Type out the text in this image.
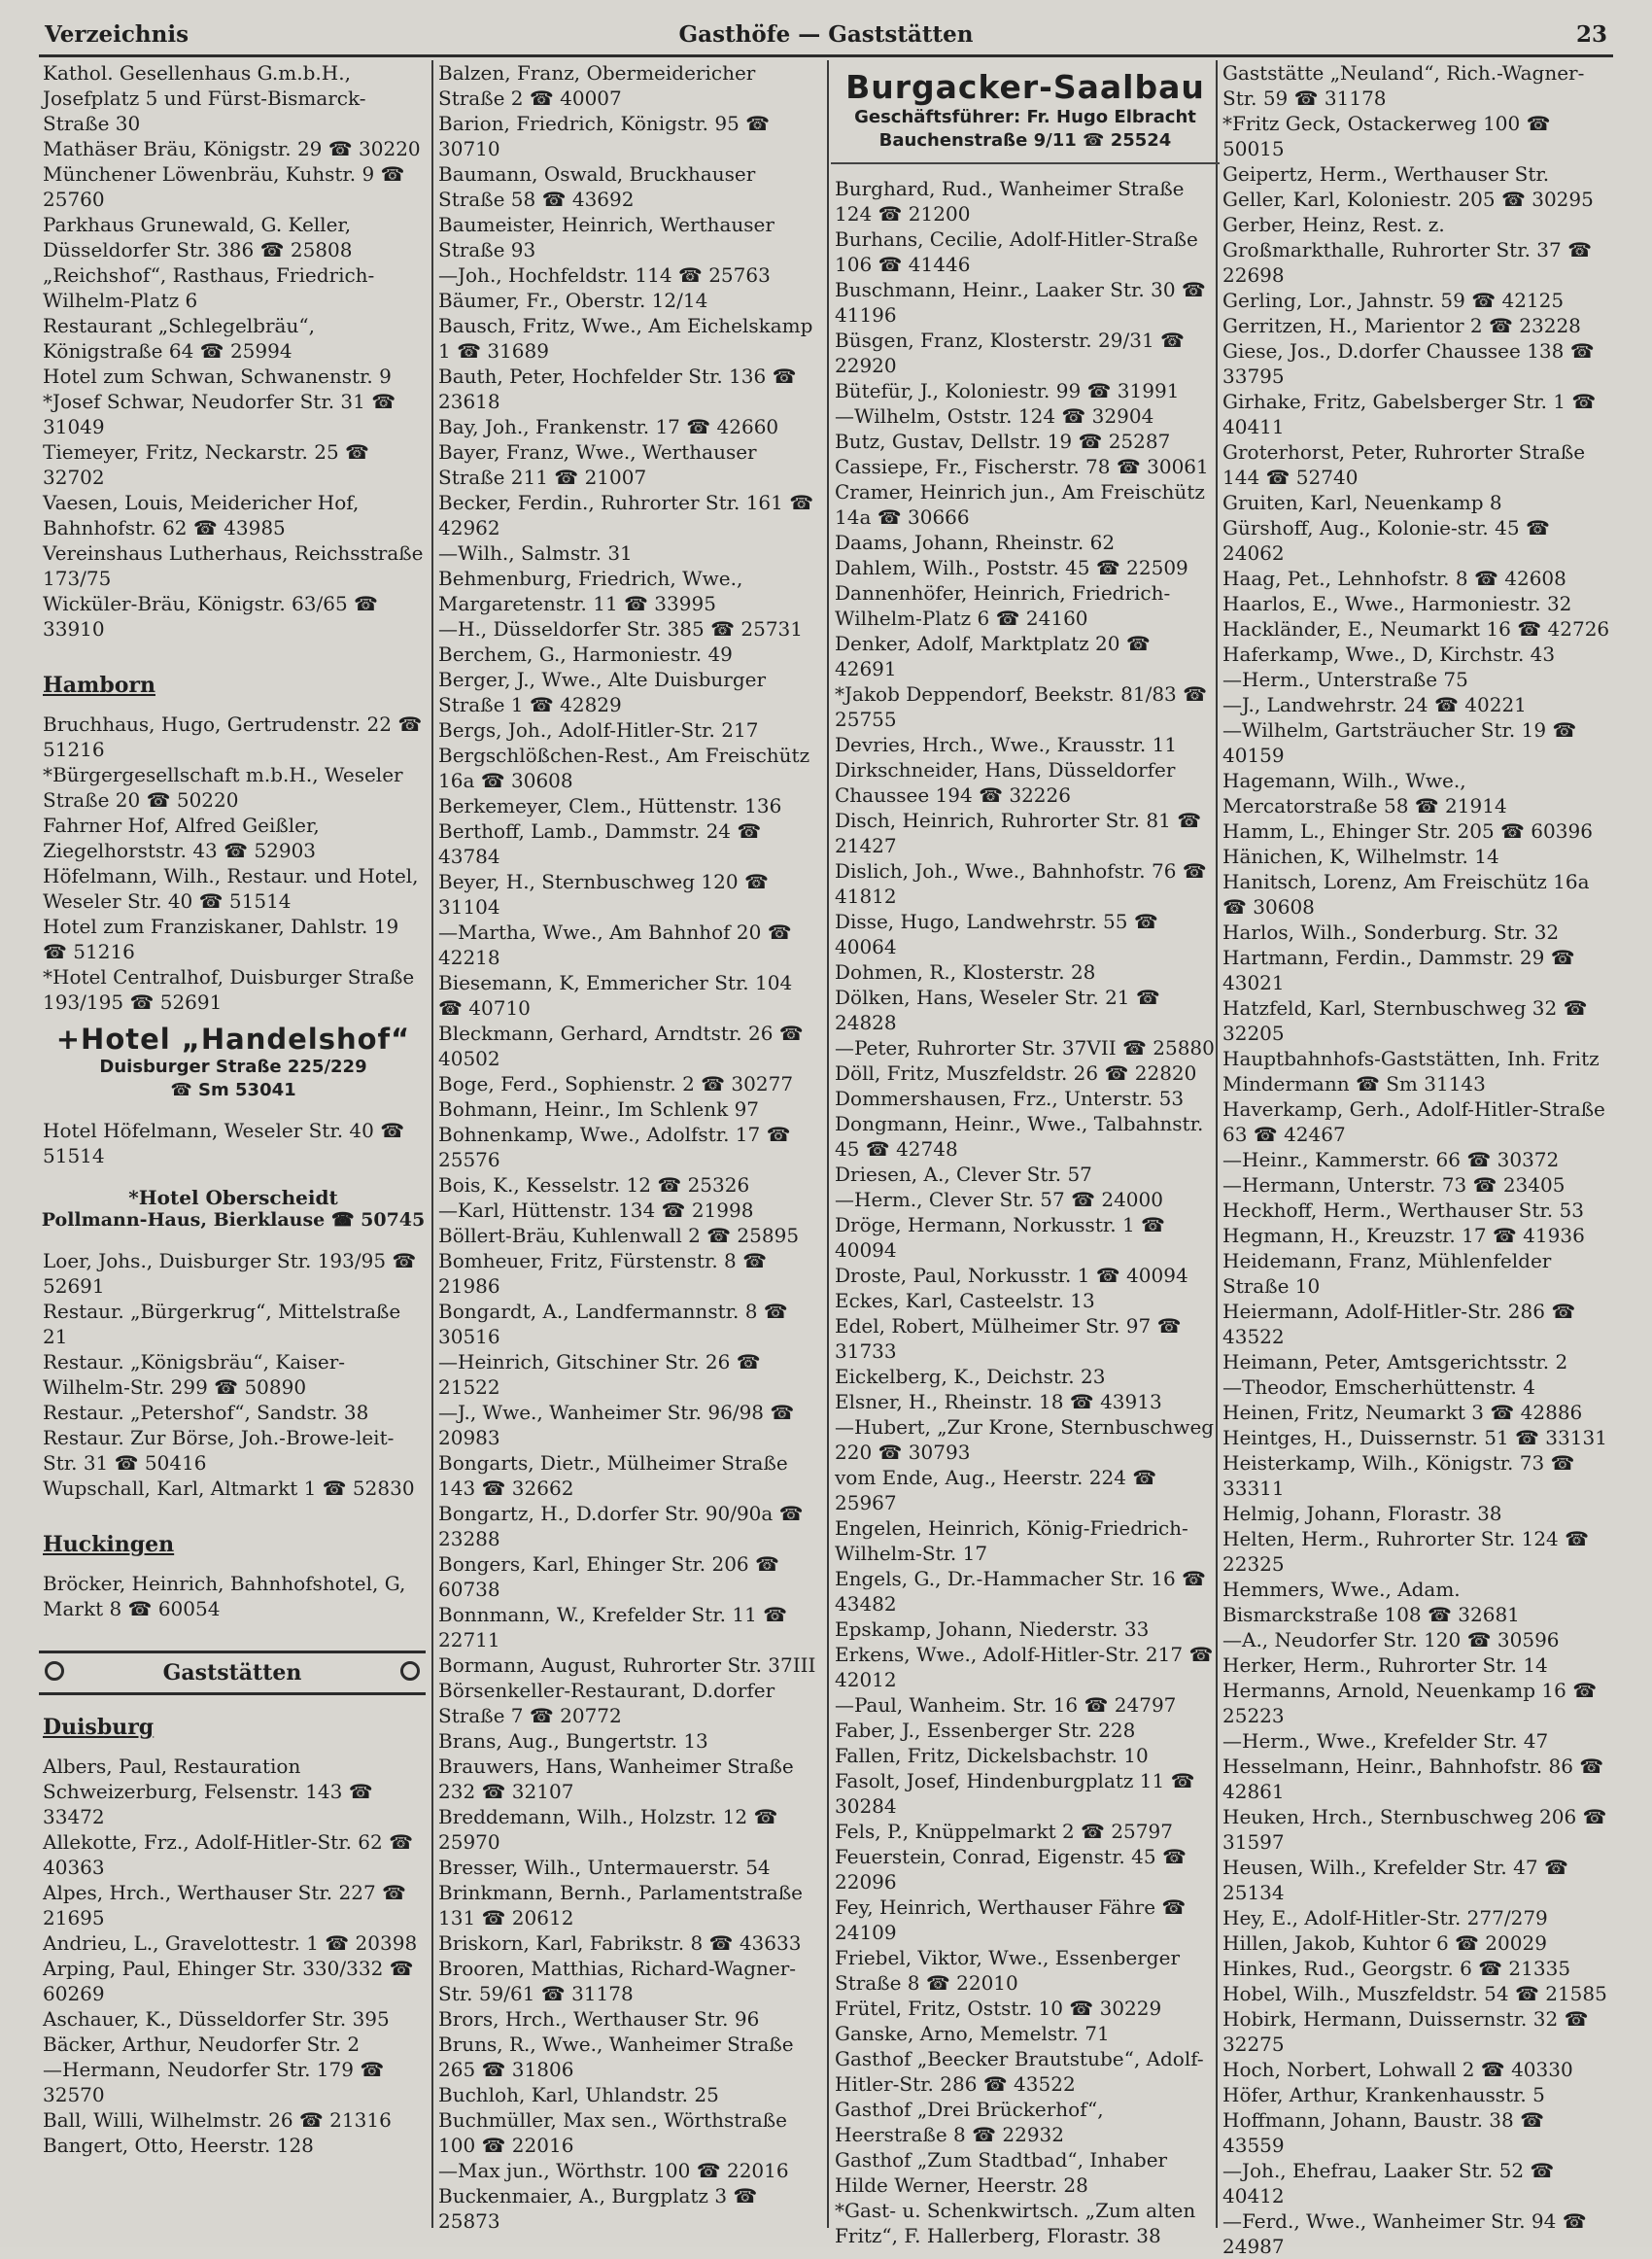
Verzeichnis	Gasthöfe — Gaststätten	23

Kathol. Gesellenhaus G.m.b.H., Josefplatz 5 und Fürst-Bismarck-Straße 30

Mathäser Bräu, Königstr. 29 ☎ 30220

Münchener Löwenbräu, Kuhstr. 9 ☎ 25760

Parkhaus Grunewald, G. Keller, Düsseldorfer Str. 386 ☎ 25808

„Reichshof“, Rasthaus, Friedrich-Wilhelm-Platz 6

Restaurant „Schlegelbräu“, Königstraße 64 ☎ 25994

Hotel zum Schwan, Schwanenstr. 9

*Josef Schwar, Neudorfer Str. 31 ☎ 31049

Tiemeyer, Fritz, Neckarstr. 25 ☎ 32702

Vaesen, Louis, Meidericher Hof, Bahnhofstr. 62 ☎ 43985

Vereinshaus Lutherhaus, Reichsstraße 173/75

Wicküler-Bräu, Königstr. 63/65 ☎ 33910

Hamborn

Bruchhaus, Hugo, Gertrudenstr. 22 ☎ 51216

*Bürgergesellschaft m.b.H., Weseler Straße 20 ☎ 50220

Fahrner Hof, Alfred Geißler, Ziegelhorststr. 43 ☎ 52903

Höfelmann, Wilh., Restaur. und Hotel, Weseler Str. 40 ☎ 51514

Hotel zum Franziskaner, Dahlstr. 19 ☎ 51216

*Hotel Centralhof, Duisburger Straße 193/195 ☎ 52691

+Hotel „Handelshof“
Duisburger Straße 225/229
☎ Sm 53041

Hotel Höfelmann, Weseler Str. 40 ☎ 51514

*Hotel Oberscheidt
Pollmann-Haus, Bierklause ☎ 50745

Loer, Johs., Duisburger Str. 193/95 ☎ 52691

Restaur. „Bürgerkrug“, Mittelstraße 21

Restaur. „Königsbräu“, Kaiser-Wilhelm-Str. 299 ☎ 50890

Restaur. „Petershof“, Sandstr. 38

Restaur. Zur Börse, Joh.-Browe-leit-Str. 31 ☎ 50416

Wupschall, Karl, Altmarkt 1 ☎ 52830

Huckingen

Bröcker, Heinrich, Bahnhofshotel, G, Markt 8 ☎ 60054

Gaststätten
Duisburg

Albers, Paul, Restauration Schweizerburg, Felsenstr. 143 ☎ 33472

Allekotte, Frz., Adolf-Hitler-Str. 62 ☎ 40363

Alpes, Hrch., Werthauser Str. 227 ☎ 21695

Andrieu, L., Gravelottestr. 1 ☎ 20398

Arping, Paul, Ehinger Str. 330/332 ☎ 60269

Aschauer, K., Düsseldorfer Str. 395

Bäcker, Arthur, Neudorfer Str. 2

—Hermann, Neudorfer Str. 179 ☎ 32570

Ball, Willi, Wilhelmstr. 26 ☎ 21316

Bangert, Otto, Heerstr. 128

Balzen, Franz, Obermeidericher Straße 2 ☎ 40007

Barion, Friedrich, Königstr. 95 ☎ 30710

Baumann, Oswald, Bruckhauser Straße 58 ☎ 43692

Baumeister, Heinrich, Werthauser Straße 93

—Joh., Hochfeldstr. 114 ☎ 25763

Bäumer, Fr., Oberstr. 12/14

Bausch, Fritz, Wwe., Am Eichelskamp 1 ☎ 31689

Bauth, Peter, Hochfelder Str. 136 ☎ 23618

Bay, Joh., Frankenstr. 17 ☎ 42660

Bayer, Franz, Wwe., Werthauser Straße 211 ☎ 21007

Becker, Ferdin., Ruhrorter Str. 161 ☎ 42962

—Wilh., Salmstr. 31

Behmenburg, Friedrich, Wwe., Margaretenstr. 11 ☎ 33995

—H., Düsseldorfer Str. 385 ☎ 25731

Berchem, G., Harmoniestr. 49

Berger, J., Wwe., Alte Duisburger Straße 1 ☎ 42829

Bergs, Joh., Adolf-Hitler-Str. 217

Bergschlößchen-Rest., Am Freischütz 16a ☎ 30608

Berkemeyer, Clem., Hüttenstr. 136

Berthoff, Lamb., Dammstr. 24 ☎ 43784

Beyer, H., Sternbuschweg 120 ☎ 31104

—Martha, Wwe., Am Bahnhof 20 ☎ 42218

Biesemann, K, Emmericher Str. 104 ☎ 40710

Bleckmann, Gerhard, Arndtstr. 26 ☎ 40502

Boge, Ferd., Sophienstr. 2 ☎ 30277

Bohmann, Heinr., Im Schlenk 97

Bohnenkamp, Wwe., Adolfstr. 17 ☎ 25576

Bois, K., Kesselstr. 12 ☎ 25326

—Karl, Hüttenstr. 134 ☎ 21998

Böllert-Bräu, Kuhlenwall 2 ☎ 25895

Bomheuer, Fritz, Fürstenstr. 8 ☎ 21986

Bongardt, A., Landfermannstr. 8 ☎ 30516

—Heinrich, Gitschiner Str. 26 ☎ 21522

—J., Wwe., Wanheimer Str. 96/98 ☎ 20983

Bongarts, Dietr., Mülheimer Straße 143 ☎ 32662

Bongartz, H., D.dorfer Str. 90/90a ☎ 23288

Bongers, Karl, Ehinger Str. 206 ☎ 60738

Bonnmann, W., Krefelder Str. 11 ☎ 22711

Bormann, August, Ruhrorter Str. 37III

Börsenkeller-Restaurant, D.dorfer Straße 7 ☎ 20772

Brans, Aug., Bungertstr. 13

Brauwers, Hans, Wanheimer Straße 232 ☎ 32107

Breddemann, Wilh., Holzstr. 12 ☎ 25970

Bresser, Wilh., Untermauerstr. 54

Brinkmann, Bernh., Parlamentstraße 131 ☎ 20612

Briskorn, Karl, Fabrikstr. 8 ☎ 43633

Brooren, Matthias, Richard-Wagner-Str. 59/61 ☎ 31178

Brors, Hrch., Werthauser Str. 96

Bruns, R., Wwe., Wanheimer Straße 265 ☎ 31806

Buchloh, Karl, Uhlandstr. 25

Buchmüller, Max sen., Wörthstraße 100 ☎ 22016

—Max jun., Wörthstr. 100 ☎ 22016

Buckenmaier, A., Burgplatz 3 ☎ 25873

Burgacker-Saalbau
Geschäftsführer: Fr. Hugo Elbracht
Bauchenstraße 9/11 ☎ 25524

Burghard, Rud., Wanheimer Straße 124 ☎ 21200

Burhans, Cecilie, Adolf-Hitler-Straße 106 ☎ 41446

Buschmann, Heinr., Laaker Str. 30 ☎ 41196

Büsgen, Franz, Klosterstr. 29/31 ☎ 22920

Bütefür, J., Koloniestr. 99 ☎ 31991

—Wilhelm, Oststr. 124 ☎ 32904

Butz, Gustav, Dellstr. 19 ☎ 25287

Cassiepe, Fr., Fischerstr. 78 ☎ 30061

Cramer, Heinrich jun., Am Freischütz 14a ☎ 30666

Daams, Johann, Rheinstr. 62

Dahlem, Wilh., Poststr. 45 ☎ 22509

Dannenhöfer, Heinrich, Friedrich-Wilhelm-Platz 6 ☎ 24160

Denker, Adolf, Marktplatz 20 ☎ 42691

*Jakob Deppendorf, Beekstr. 81/83 ☎ 25755

Devries, Hrch., Wwe., Krausstr. 11

Dirkschneider, Hans, Düsseldorfer Chaussee 194 ☎ 32226

Disch, Heinrich, Ruhrorter Str. 81 ☎ 21427

Dislich, Joh., Wwe., Bahnhofstr. 76 ☎ 41812

Disse, Hugo, Landwehrstr. 55 ☎ 40064

Dohmen, R., Klosterstr. 28

Dölken, Hans, Weseler Str. 21 ☎ 24828

—Peter, Ruhrorter Str. 37VII ☎ 25880

Döll, Fritz, Muszfeldstr. 26 ☎ 22820

Dommershausen, Frz., Unterstr. 53

Dongmann, Heinr., Wwe., Talbahnstr. 45 ☎ 42748

Driesen, A., Clever Str. 57

—Herm., Clever Str. 57 ☎ 24000

Dröge, Hermann, Norkusstr. 1 ☎ 40094

Droste, Paul, Norkusstr. 1 ☎ 40094

Eckes, Karl, Casteelstr. 13

Edel, Robert, Mülheimer Str. 97 ☎ 31733

Eickelberg, K., Deichstr. 23

Elsner, H., Rheinstr. 18 ☎ 43913

—Hubert, „Zur Krone, Sternbuschweg 220 ☎ 30793

vom Ende, Aug., Heerstr. 224 ☎ 25967

Engelen, Heinrich, König-Friedrich-Wilhelm-Str. 17

Engels, G., Dr.-Hammacher Str. 16 ☎ 43482

Epskamp, Johann, Niederstr. 33

Erkens, Wwe., Adolf-Hitler-Str. 217 ☎ 42012

—Paul, Wanheim. Str. 16 ☎ 24797

Faber, J., Essenberger Str. 228

Fallen, Fritz, Dickelsbachstr. 10

Fasolt, Josef, Hindenburgplatz 11 ☎ 30284

Fels, P., Knüppelmarkt 2 ☎ 25797

Feuerstein, Conrad, Eigenstr. 45 ☎ 22096

Fey, Heinrich, Werthauser Fähre ☎ 24109

Friebel, Viktor, Wwe., Essenberger Straße 8 ☎ 22010

Frütel, Fritz, Oststr. 10 ☎ 30229

Ganske, Arno, Memelstr. 71

Gasthof „Beecker Brautstube“, Adolf-Hitler-Str. 286 ☎ 43522

Gasthof „Drei Brückerhof“, Heerstraße 8 ☎ 22932

Gasthof „Zum Stadtbad“, Inhaber Hilde Werner, Heerstr. 28

*Gast- u. Schenkwirtsch. „Zum alten Fritz“, F. Hallerberg, Florastr. 38

Gaststätte „Neuland“, Rich.-Wagner-Str. 59 ☎ 31178

*Fritz Geck, Ostackerweg 100 ☎ 50015

Geipertz, Herm., Werthauser Str.

Geller, Karl, Koloniestr. 205 ☎ 30295

Gerber, Heinz, Rest. z. Großmarkthalle, Ruhrorter Str. 37 ☎ 22698

Gerling, Lor., Jahnstr. 59 ☎ 42125

Gerritzen, H., Marientor 2 ☎ 23228

Giese, Jos., D.dorfer Chaussee 138 ☎ 33795

Girhake, Fritz, Gabelsberger Str. 1 ☎ 40411

Groterhorst, Peter, Ruhrorter Straße 144 ☎ 52740

Gruiten, Karl, Neuenkamp 8

Gürshoff, Aug., Kolonie-str. 45 ☎ 24062

Haag, Pet., Lehnhofstr. 8 ☎ 42608

Haarlos, E., Wwe., Harmoniestr. 32

Hackländer, E., Neumarkt 16 ☎ 42726

Haferkamp, Wwe., D, Kirchstr. 43

—Herm., Unterstraße 75

—J., Landwehrstr. 24 ☎ 40221

—Wilhelm, Gartsträucher Str. 19 ☎ 40159

Hagemann, Wilh., Wwe., Mercatorstraße 58 ☎ 21914

Hamm, L., Ehinger Str. 205 ☎ 60396

Hänichen, K, Wilhelmstr. 14

Hanitsch, Lorenz, Am Freischütz 16a ☎ 30608

Harlos, Wilh., Sonderburg. Str. 32

Hartmann, Ferdin., Dammstr. 29 ☎ 43021

Hatzfeld, Karl, Sternbuschweg 32 ☎ 32205

Hauptbahnhofs-Gaststätten, Inh. Fritz Mindermann ☎ Sm 31143

Haverkamp, Gerh., Adolf-Hitler-Straße 63 ☎ 42467

—Heinr., Kammerstr. 66 ☎ 30372

—Hermann, Unterstr. 73 ☎ 23405

Heckhoff, Herm., Werthauser Str. 53

Hegmann, H., Kreuzstr. 17 ☎ 41936

Heidemann, Franz, Mühlenfelder Straße 10

Heiermann, Adolf-Hitler-Str. 286 ☎ 43522

Heimann, Peter, Amtsgerichtsstr. 2

—Theodor, Emscherhüttenstr. 4

Heinen, Fritz, Neumarkt 3 ☎ 42886

Heintges, H., Duissernstr. 51 ☎ 33131

Heisterkamp, Wilh., Königstr. 73 ☎ 33311

Helmig, Johann, Florastr. 38

Helten, Herm., Ruhrorter Str. 124 ☎ 22325

Hemmers, Wwe., Adam. Bismarckstraße 108 ☎ 32681

—A., Neudorfer Str. 120 ☎ 30596

Herker, Herm., Ruhrorter Str. 14

Hermanns, Arnold, Neuenkamp 16 ☎ 25223

—Herm., Wwe., Krefelder Str. 47

Hesselmann, Heinr., Bahnhofstr. 86 ☎ 42861

Heuken, Hrch., Sternbuschweg 206 ☎ 31597

Heusen, Wilh., Krefelder Str. 47 ☎ 25134

Hey, E., Adolf-Hitler-Str. 277/279

Hillen, Jakob, Kuhtor 6 ☎ 20029

Hinkes, Rud., Georgstr. 6 ☎ 21335

Hobel, Wilh., Muszfeldstr. 54 ☎ 21585

Hobirk, Hermann, Duissernstr. 32 ☎ 32275

Hoch, Norbert, Lohwall 2 ☎ 40330

Höfer, Arthur, Krankenhausstr. 5

Hoffmann, Johann, Baustr. 38 ☎ 43559

—Joh., Ehefrau, Laaker Str. 52 ☎ 40412

—Ferd., Wwe., Wanheimer Str. 94 ☎ 24987
